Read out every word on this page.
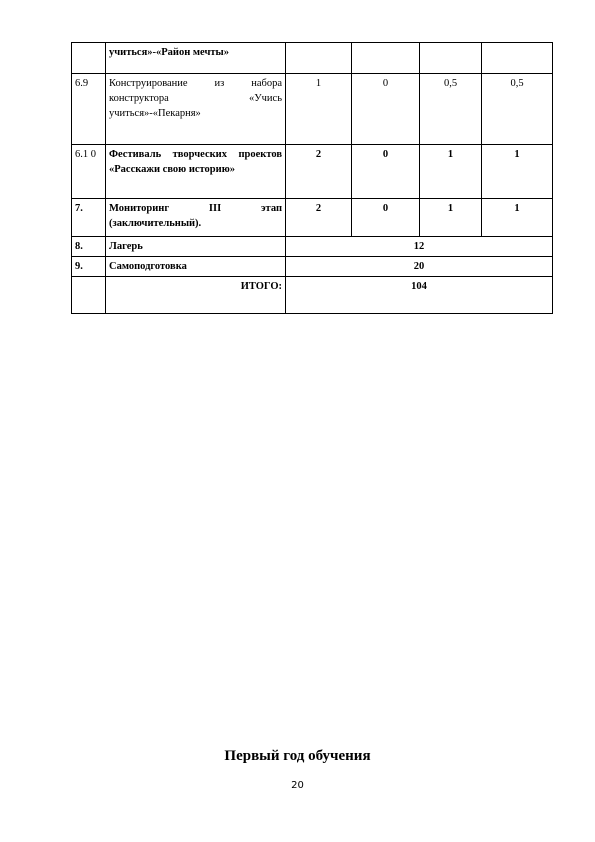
	учиться»-«Район мечты»				
6.9	Конструирование из набора конструктора «Учись учиться»-«Пекарня»	1	0	0,5	0,5
6.1 0	Фестиваль творческих проектов «Расскажи свою историю»	2	0	1	1
7.	Мониторинг III этап (заключительный).	2	0	1	1
8.	Лагерь	12			
9.	Самоподготовка	20			
	ИТОГО:	104			
Первый год обучения
20
